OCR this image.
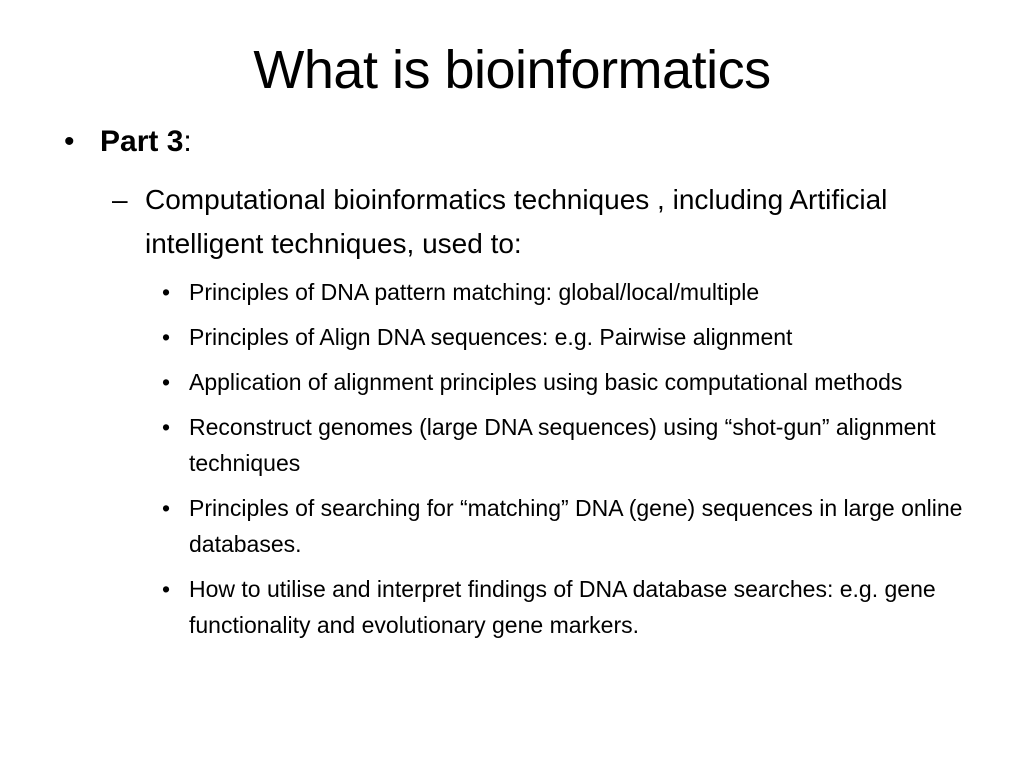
What is bioinformatics
• Part 3:
– Computational bioinformatics techniques , including Artificial intelligent techniques, used to:
• Principles of DNA pattern matching: global/local/multiple
• Principles of Align DNA sequences: e.g. Pairwise alignment
• Application of alignment principles using basic computational methods
• Reconstruct genomes (large DNA sequences) using “shot-gun” alignment techniques
• Principles of searching for “matching” DNA (gene) sequences in large online databases.
• How to utilise and interpret findings of DNA database searches: e.g. gene functionality and evolutionary gene markers.
